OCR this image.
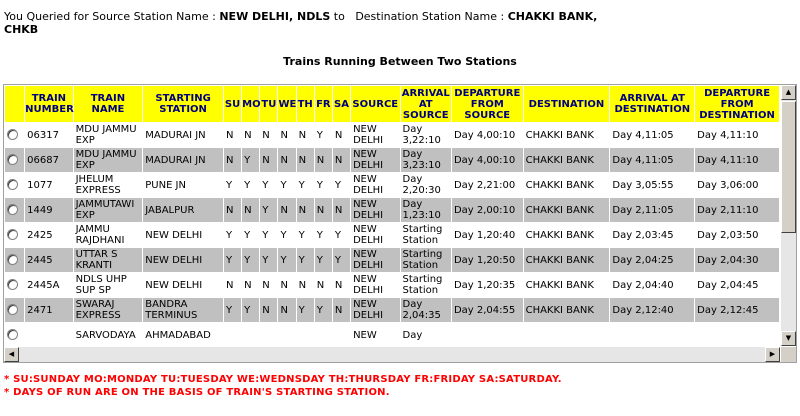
You Queried for Source Station Name : NEW DELHI, NDLS to Destination Station Name : CHAKKI BANK,
CHKB
Trains Running Between Two Stations
	TRAIN NUMBER	TRAIN NAME	STARTING STATION	SU	MO	TU	WE	TH	FR	SA	SOURCE	ARRIVAL AT SOURCE	DEPARTURE FROM SOURCE	DESTINATION	ARRIVAL AT DESTINATION	DEPARTURE FROM DESTINATION
	06317	MDU JAMMU EXP	MADURAI JN	N	N	N	N	N	Y	N	NEW DELHI	Day 3,22:10	Day 4,00:10	CHAKKI BANK	Day 4,11:05	Day 4,11:10
	06687	MDU JAMMU EXP	MADURAI JN	N	Y	N	N	N	N	N	NEW DELHI	Day 3,23:10	Day 4,00:10	CHAKKI BANK	Day 4,11:05	Day 4,11:10
	1077	JHELUM EXPRESS	PUNE JN	Y	Y	Y	Y	Y	Y	Y	NEW DELHI	Day 2,20:30	Day 2,21:00	CHAKKI BANK	Day 3,05:55	Day 3,06:00
	1449	JAMMUTAWI EXP	JABALPUR	N	N	Y	N	N	N	N	NEW DELHI	Day 1,23:10	Day 2,00:10	CHAKKI BANK	Day 2,11:05	Day 2,11:10
	2425	JAMMU RAJDHANI	NEW DELHI	Y	Y	Y	Y	Y	Y	Y	NEW DELHI	Starting Station	Day 1,20:40	CHAKKI BANK	Day 2,03:45	Day 2,03:50
	2445	UTTAR S KRANTI	NEW DELHI	Y	Y	Y	Y	Y	Y	Y	NEW DELHI	Starting Station	Day 1,20:50	CHAKKI BANK	Day 2,04:25	Day 2,04:30
	2445A	NDLS UHP SUP SP	NEW DELHI	N	N	N	N	N	N	N	NEW DELHI	Starting Station	Day 1,20:35	CHAKKI BANK	Day 2,04:40	Day 2,04:45
	2471	SWARAJ EXPRESS	BANDRA TERMINUS	Y	Y	N	N	Y	Y	N	NEW DELHI	Day 2,04:35	Day 2,04:55	CHAKKI BANK	Day 2,12:40	Day 2,12:45
		SARVODAYA	AHMADABAD								NEW	Day				
▲
▼
◀	▶
* SU:SUNDAY MO:MONDAY TU:TUESDAY WE:WEDNSDAY TH:THURSDAY FR:FRIDAY SA:SATURDAY.
* DAYS OF RUN ARE ON THE BASIS OF TRAIN'S STARTING STATION.
